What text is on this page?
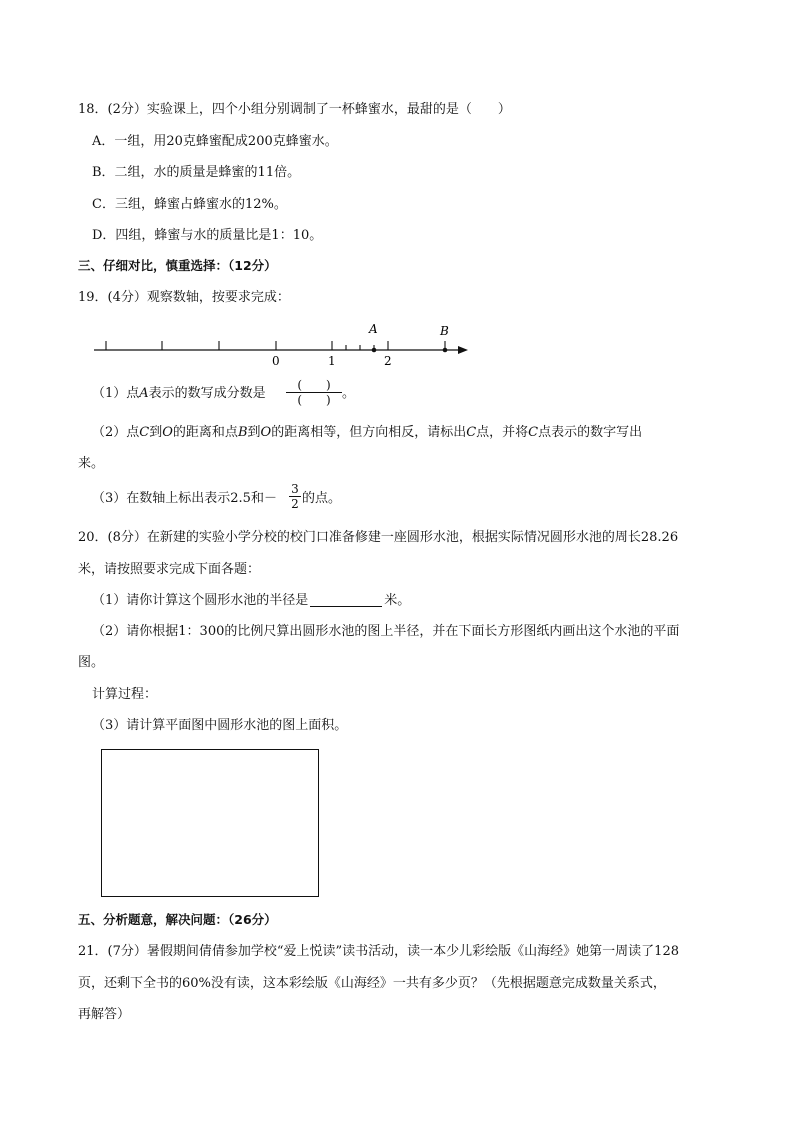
18．(2分）实验课上，四个小组分别调制了一杯蜂蜜水，最甜的是（　　）
A．一组，用20克蜂蜜配成200克蜂蜜水。
B．二组，水的质量是蜂蜜的11倍。
C．三组，蜂蜜占蜂蜜水的12%。
D．四组，蜂蜜与水的质量比是1：10。
三、仔细对比，慎重选择：（12分）
19．(4分）观察数轴，按要求完成：
0	1	2
A	B
（1）点A表示的数写成分数是
(　　)
(　　) 。
（2）点C到O的距离和点B到O的距离相等，但方向相反，请标出C点，并将C点表示的数字写出
来。
（3）在数轴上标出表示2.5和－ $\frac{3}{2}$ 的点。
20．(8分）在新建的实验小学分校的校门口准备修建一座圆形水池，根据实际情况圆形水池的周长28.26
米，请按照要求完成下面各题：
（1）请你计算这个圆形水池的半径是	米。
（2）请你根据1：300的比例尺算出圆形水池的图上半径，并在下面长方形图纸内画出这个水池的平面
图。
计算过程：
（3）请计算平面图中圆形水池的图上面积。
五、分析题意，解决问题：（26分）
21．(7分）暑假期间倩倩参加学校“爱上悦读”读书活动，读一本少儿彩绘版《山海经》她第一周读了128
页，还剩下全书的60%没有读，这本彩绘版《山海经》一共有多少页？（先根据题意完成数量关系式，
再解答）
